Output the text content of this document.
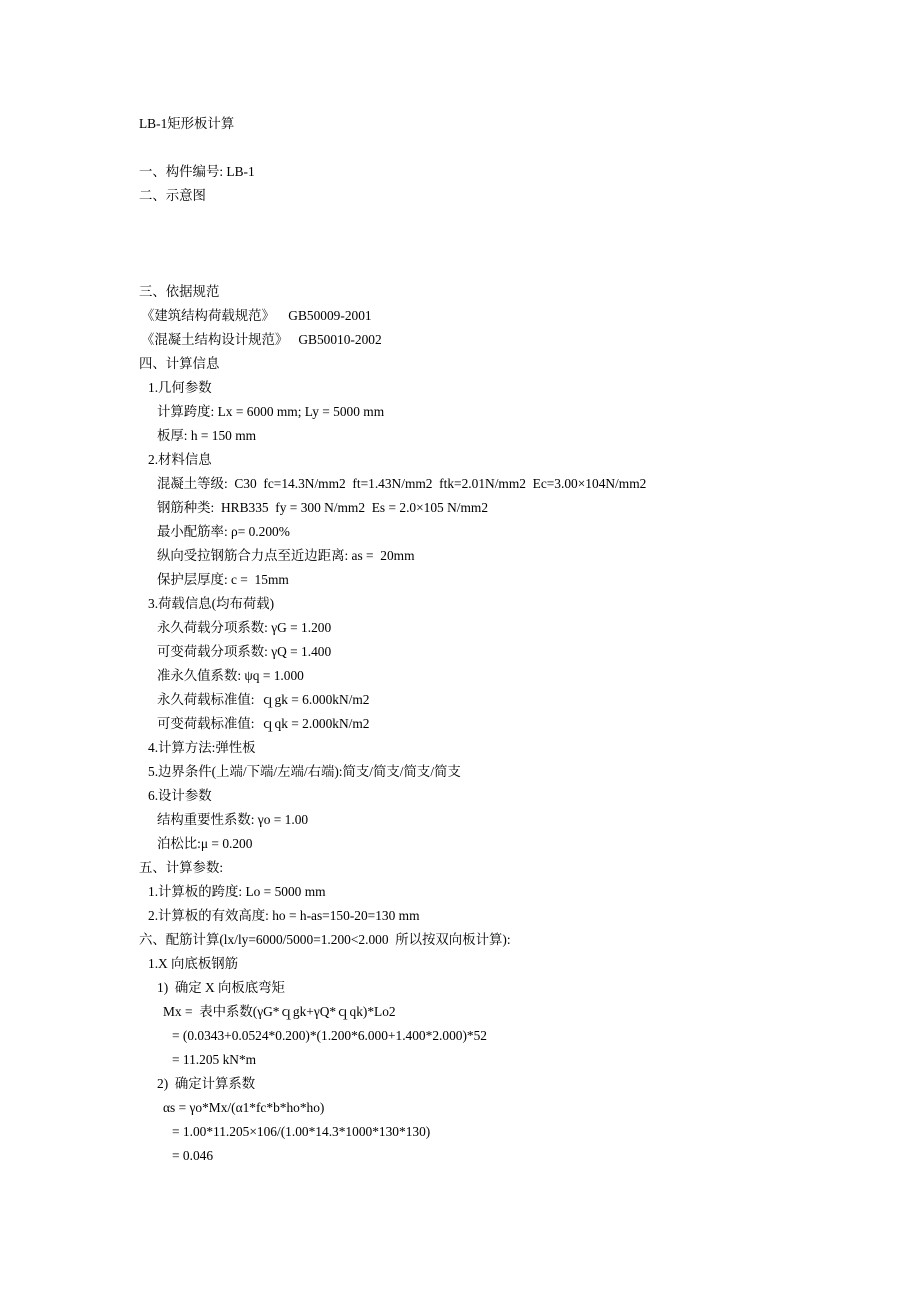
LB-1矩形板计算
一、构件编号: LB-1
二、示意图
三、依据规范
《建筑结构荷载规范》    GB50009-2001
《混凝土结构设计规范》   GB50010-2002
四、计算信息
1.几何参数
计算跨度: Lx = 6000 mm; Ly = 5000 mm
板厚: h = 150 mm
2.材料信息
混凝土等级:  C30  fc=14.3N/mm2  ft=1.43N/mm2  ftk=2.01N/mm2  Ec=3.00×104N/mm2
钢筋种类:  HRB335  fy = 300 N/mm2  Es = 2.0×105 N/mm2
最小配筋率: ρ= 0.200%
纵向受拉钢筋合力点至近边距离: as =  20mm
保护层厚度: c =  15mm
3.荷载信息(均布荷载)
永久荷载分项系数: γG = 1.200
可变荷载分项系数: γQ = 1.400
准永久值系数: ψq = 1.000
永久荷载标准值:  ｑgk = 6.000kN/m2
可变荷载标准值:  ｑqk = 2.000kN/m2
4.计算方法:弹性板
5.边界条件(上端/下端/左端/右端):简支/简支/简支/简支
6.设计参数
结构重要性系数: γo = 1.00
泊松比:μ = 0.200
五、计算参数:
1.计算板的跨度: Lo = 5000 mm
2.计算板的有效高度: ho = h-as=150-20=130 mm
六、配筋计算(lx/ly=6000/5000=1.200<2.000  所以按双向板计算):
1.X 向底板钢筋
1)  确定 X 向板底弯矩
Mx =  表中系数(γG*ｑgk+γQ*ｑqk)*Lo2
= (0.0343+0.0524*0.200)*(1.200*6.000+1.400*2.000)*52
= 11.205 kN*m
2)  确定计算系数
αs = γo*Mx/(α1*fc*b*ho*ho)
= 1.00*11.205×106/(1.00*14.3*1000*130*130)
= 0.046
